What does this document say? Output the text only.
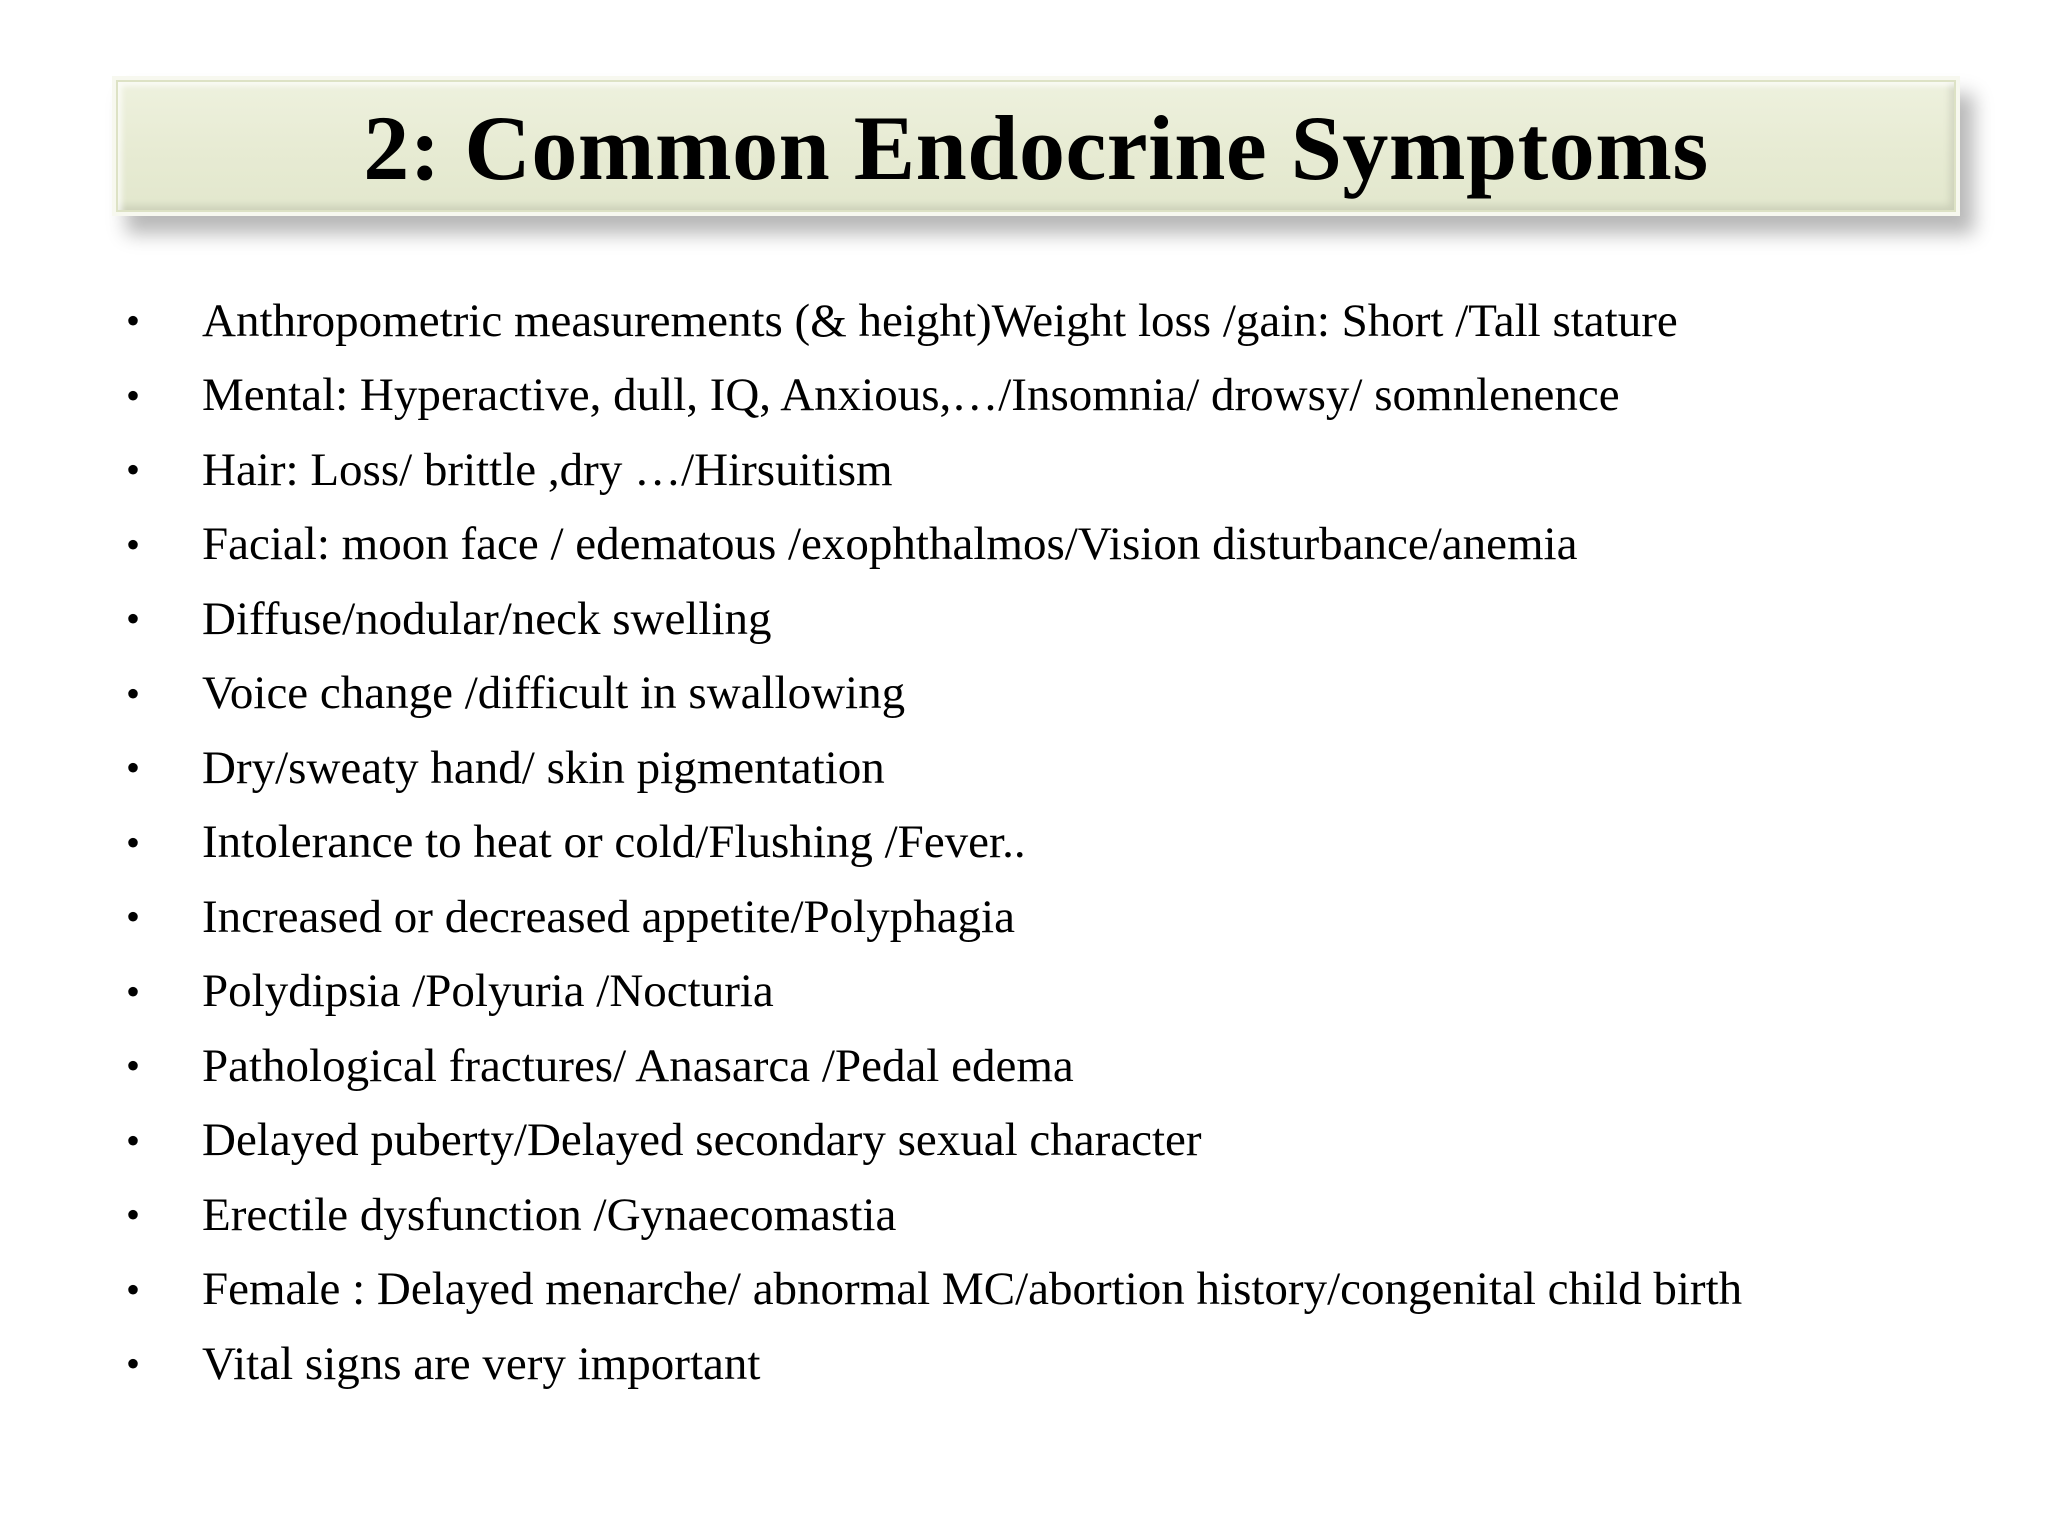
2: Common Endocrine Symptoms
• Anthropometric measurements (& height)Weight loss /gain: Short /Tall stature
• Mental: Hyperactive, dull, IQ, Anxious,…/Insomnia/ drowsy/ somnlenence
• Hair: Loss/ brittle ,dry …/Hirsuitism
• Facial: moon face / edematous /exophthalmos/Vision disturbance/anemia
• Diffuse/nodular/neck swelling
• Voice change /difficult in swallowing
• Dry/sweaty hand/ skin pigmentation
• Intolerance to heat or cold/Flushing /Fever..
• Increased or decreased appetite/Polyphagia
• Polydipsia /Polyuria /Nocturia
• Pathological fractures/ Anasarca /Pedal edema
• Delayed puberty/Delayed secondary sexual character
• Erectile dysfunction /Gynaecomastia
• Female : Delayed menarche/ abnormal MC/abortion history/congenital child birth
• Vital signs are very important
